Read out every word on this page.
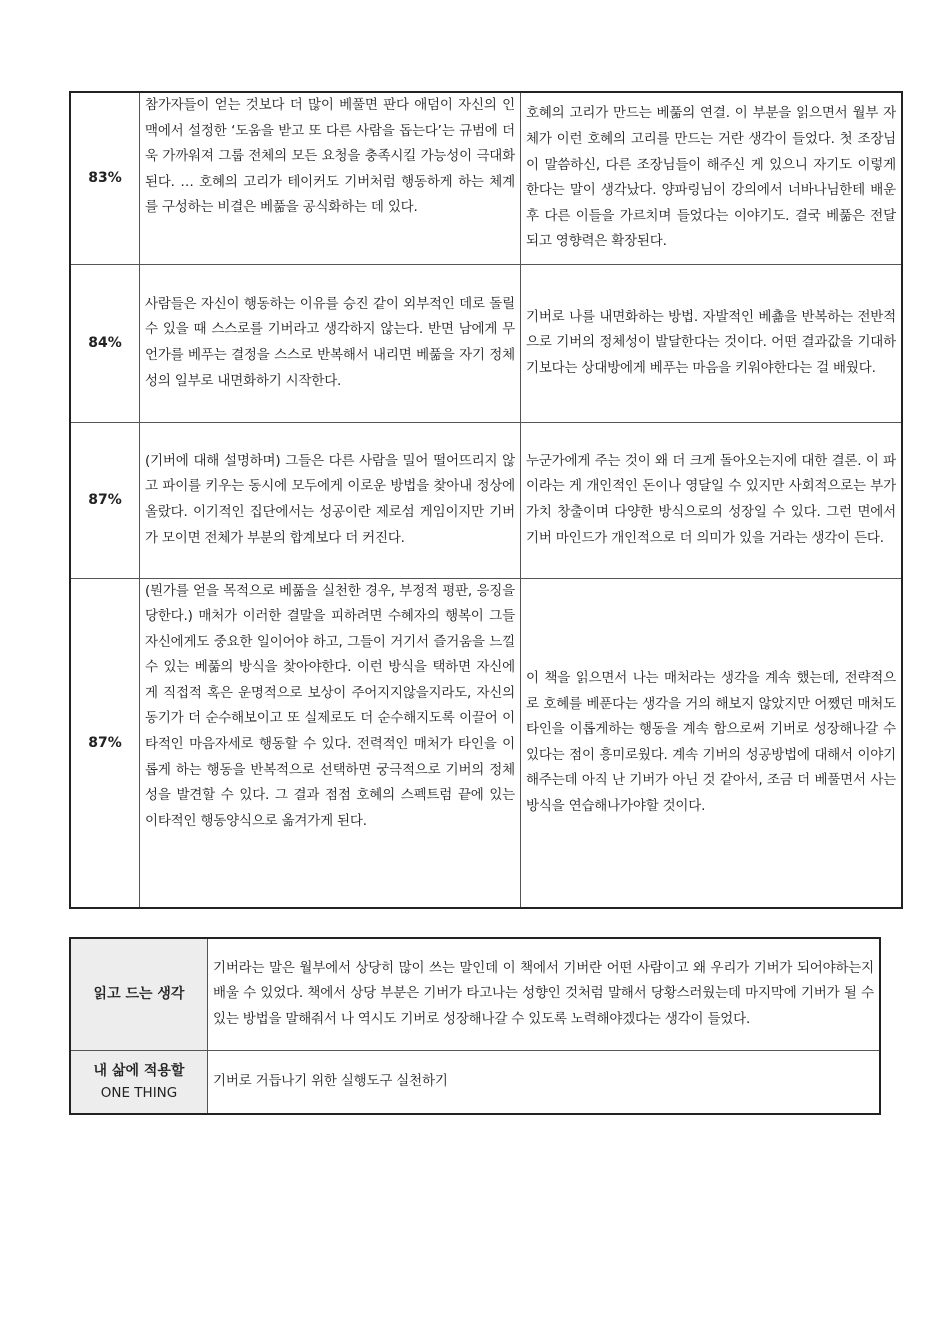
83%	참가자들이 얻는 것보다 더 많이 베풀면 판다 애덤이 자신의 인맥에서 설정한 ‘도움을 받고 또 다른 사람을 돕는다’는 규범에 더욱 가까워져 그룹 전체의 모든 요청을 충족시킬 가능성이 극대화된다. … 호혜의 고리가 테이커도 기버처럼 행동하게 하는 체계를 구성하는 비결은 베풂을 공식화하는 데 있다.	호혜의 고리가 만드는 베풂의 연결. 이 부분을 읽으면서 월부 자체가 이런 호혜의 고리를 만드는 거란 생각이 들었다. 첫 조장님이 말씀하신, 다른 조장님들이 해주신 게 있으니 자기도 이렇게 한다는 말이 생각났다. 양파링님이 강의에서 너바나님한테 배운 후 다른 이들을 가르치며 들었다는 이야기도. 결국 베풂은 전달되고 영향력은 확장된다.
84%	사람들은 자신이 행동하는 이유를 승진 같이 외부적인 데로 돌릴 수 있을 때 스스로를 기버라고 생각하지 않는다. 반면 남에게 무언가를 베푸는 결정을 스스로 반복해서 내리면 베풂을 자기 정체성의 일부로 내면화하기 시작한다.	기버로 나를 내면화하는 방법. 자발적인 베춂을 반복하는 전반적으로 기버의 정체성이 발달한다는 것이다. 어떤 결과값을 기대하기보다는 상대방에게 베푸는 마음을 키워야한다는 걸 배웠다.
87%	(기버에 대해 설명하며) 그들은 다른 사람을 밀어 떨어뜨리지 않고 파이를 키우는 동시에 모두에게 이로운 방법을 찾아내 정상에 올랐다. 이기적인 집단에서는 성공이란 제로섬 게임이지만 기버가 모이면 전체가 부분의 합계보다 더 커진다.	누군가에게 주는 것이 왜 더 크게 돌아오는지에 대한 결론. 이 파이라는 게 개인적인 돈이나 영달일 수 있지만 사회적으로는 부가가치 창출이며 다양한 방식으로의 성장일 수 있다. 그런 면에서 기버 마인드가 개인적으로 더 의미가 있을 거라는 생각이 든다.
87%	(뭔가를 얻을 목적으로 베풂을 실천한 경우, 부정적 평판, 응징을 당한다.) 매처가 이러한 결말을 피하려면 수혜자의 행복이 그들 자신에게도 중요한 일이어야 하고, 그들이 거기서 즐거움을 느낄 수 있는 베풂의 방식을 찾아야한다. 이런 방식을 택하면 자신에게 직접적 혹은 운명적으로 보상이 주어지지않을지라도, 자신의 동기가 더 순수해보이고 또 실제로도 더 순수해지도록 이끌어 이타적인 마음자세로 행동할 수 있다. 전력적인 매처가 타인을 이롭게 하는 행동을 반복적으로 선택하면 궁극적으로 기버의 정체성을 발견할 수 있다. 그 결과 점점 호혜의 스펙트럼 끝에 있는 이타적인 행동양식으로 옮겨가게 된다.	이 책을 읽으면서 나는 매처라는 생각을 계속 했는데, 전략적으로 호혜를 베푼다는 생각을 거의 해보지 않았지만 어쨌던 매처도 타인을 이롭게하는 행동을 계속 함으로써 기버로 성장해나갈 수 있다는 점이 흥미로웠다. 계속 기버의 성공방법에 대해서 이야기해주는데 아직 난 기버가 아닌 것 같아서, 조금 더 베풀면서 사는 방식을 연습해나가야할 것이다.
읽고 드는 생각	기버라는 말은 월부에서 상당히 많이 쓰는 말인데 이 책에서 기버란 어떤 사람이고 왜 우리가 기버가 되어야하는지 배울 수 있었다. 책에서 상당 부분은 기버가 타고나는 성향인 것처럼 말해서 당황스러웠는데 마지막에 기버가 될 수 있는 방법을 말해줘서 나 역시도 기버로 성장해나갈 수 있도록 노력해야겠다는 생각이 들었다.
내 삶에 적용할
ONE THING	기버로 거듭나기 위한 실행도구 실천하기
